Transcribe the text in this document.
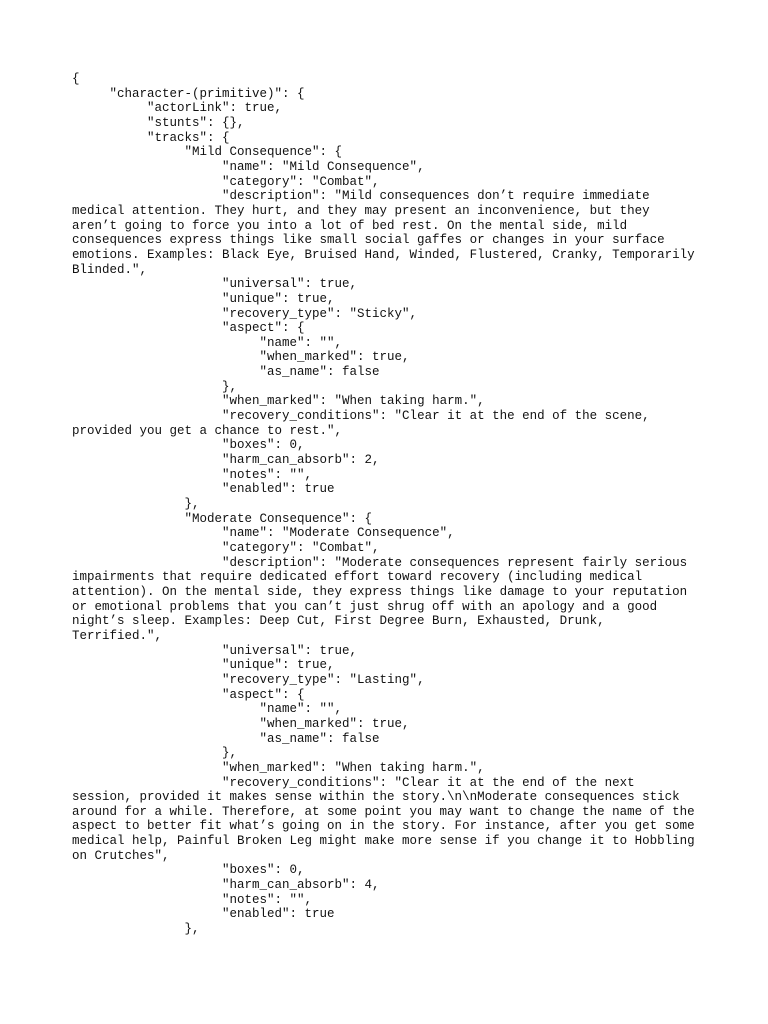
{
"character-(primitive)": {
"actorLink": true,
"stunts": {},
"tracks": {
"Mild Consequence": {
"name": "Mild Consequence",
"category": "Combat",
"description": "Mild consequences don’t require immediate
medical attention. They hurt, and they may present an inconvenience, but they
aren’t going to force you into a lot of bed rest. On the mental side, mild
consequences express things like small social gaffes or changes in your surface
emotions. Examples: Black Eye, Bruised Hand, Winded, Flustered, Cranky, Temporarily
Blinded.",
"universal": true,
"unique": true,
"recovery_type": "Sticky",
"aspect": {
"name": "",
"when_marked": true,
"as_name": false
},
"when_marked": "When taking harm.",
"recovery_conditions": "Clear it at the end of the scene,
provided you get a chance to rest.",
"boxes": 0,
"harm_can_absorb": 2,
"notes": "",
"enabled": true
},
"Moderate Consequence": {
"name": "Moderate Consequence",
"category": "Combat",
"description": "Moderate consequences represent fairly serious
impairments that require dedicated effort toward recovery (including medical
attention). On the mental side, they express things like damage to your reputation
or emotional problems that you can’t just shrug off with an apology and a good
night’s sleep. Examples: Deep Cut, First Degree Burn, Exhausted, Drunk,
Terrified.",
"universal": true,
"unique": true,
"recovery_type": "Lasting",
"aspect": {
"name": "",
"when_marked": true,
"as_name": false
},
"when_marked": "When taking harm.",
"recovery_conditions": "Clear it at the end of the next
session, provided it makes sense within the story.\n\nModerate consequences stick
around for a while. Therefore, at some point you may want to change the name of the
aspect to better fit what’s going on in the story. For instance, after you get some
medical help, Painful Broken Leg might make more sense if you change it to Hobbling
on Crutches",
"boxes": 0,
"harm_can_absorb": 4,
"notes": "",
"enabled": true
},
